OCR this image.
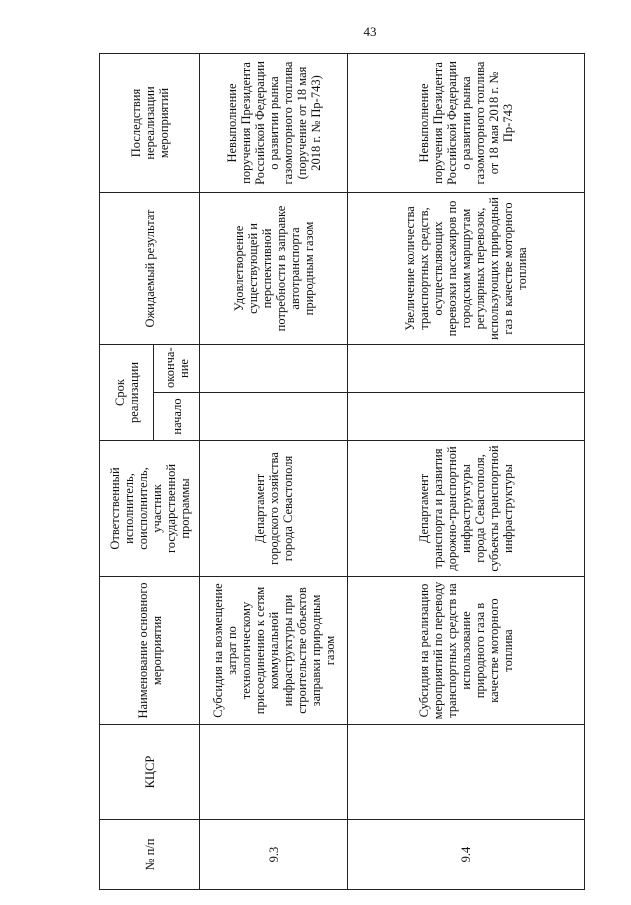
43
№ п/п	КЦСР	Наименование основного мероприятия	Ответственный исполнитель, соисполнитель, участник государственной программы	Срок реализации		Ожидаемый результат	Последствия нереализации мероприятий
				начало	оконча-ние		
9.3		Субсидия на возмещение затрат по технологическому присоединению к сетям коммунальной инфраструктуры при строительстве объектов заправки природным газом	Департамент городского хозяйства города Севастополя			Удовлетворение существующей и перспективной потребности в заправке автотранспорта природным газом	Невыполнение поручения Президента Российской Федерации о развитии рынка газомоторного топлива (поручение от 18 мая 2018 г. № Пр-743)
9.4		Субсидия на реализацию мероприятий по переводу транспортных средств на использование природного газа в качестве моторного топлива	Департамент транспорта и развития дорожно-транспортной инфраструктуры города Севастополя, субъекты транспортной инфраструктуры			Увеличение количества транспортных средств, осуществляющих перевозки пассажиров по городским маршрутам регулярных перевозок, использующих природный газ в качестве моторного топлива	Невыполнение поручения Президента Российской Федерации о развитии рынка газомоторного топлива от 18 мая 2018 г. № Пр-743
